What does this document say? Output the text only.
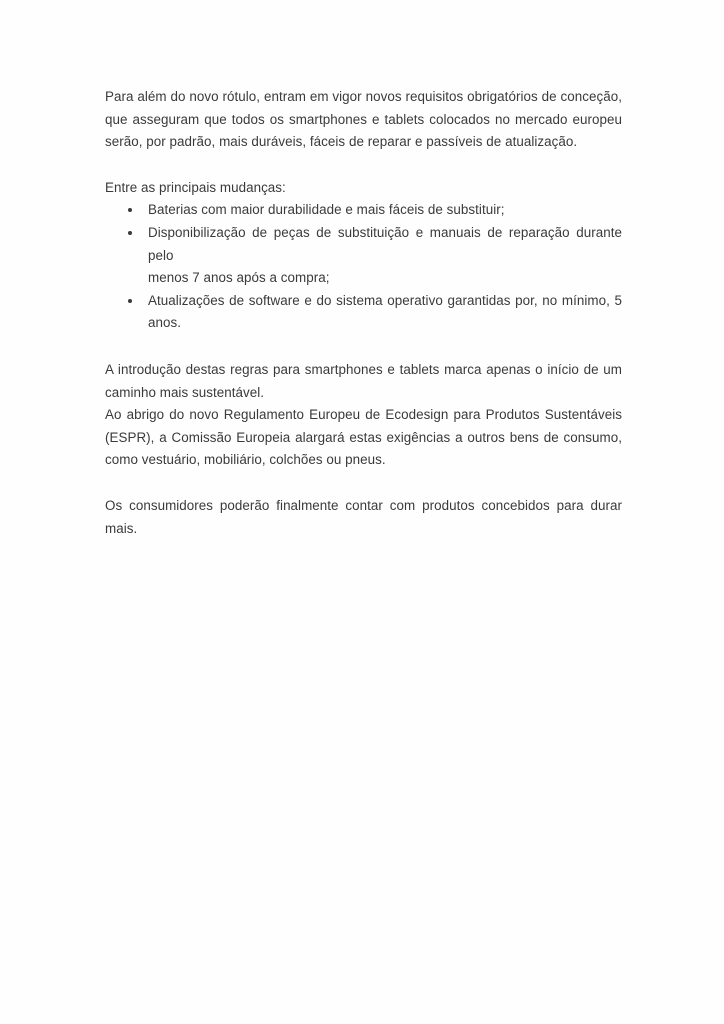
Para além do novo rótulo, entram em vigor novos requisitos obrigatórios de conceção,
que asseguram que todos os smartphones e tablets colocados no mercado europeu
serão, por padrão, mais duráveis, fáceis de reparar e passíveis de atualização.

Entre as principais mudanças:

Baterias com maior durabilidade e mais fáceis de substituir;
Disponibilização de peças de substituição e manuais de reparação durante pelo
menos 7 anos após a compra;
Atualizações de software e do sistema operativo garantidas por, no mínimo, 5
anos.

A introdução destas regras para smartphones e tablets marca apenas o início de um
caminho mais sustentável.

Ao abrigo do novo Regulamento Europeu de Ecodesign para Produtos Sustentáveis
(ESPR), a Comissão Europeia alargará estas exigências a outros bens de consumo,
como vestuário, mobiliário, colchões ou pneus.

Os consumidores poderão finalmente contar com produtos concebidos para durar mais.
